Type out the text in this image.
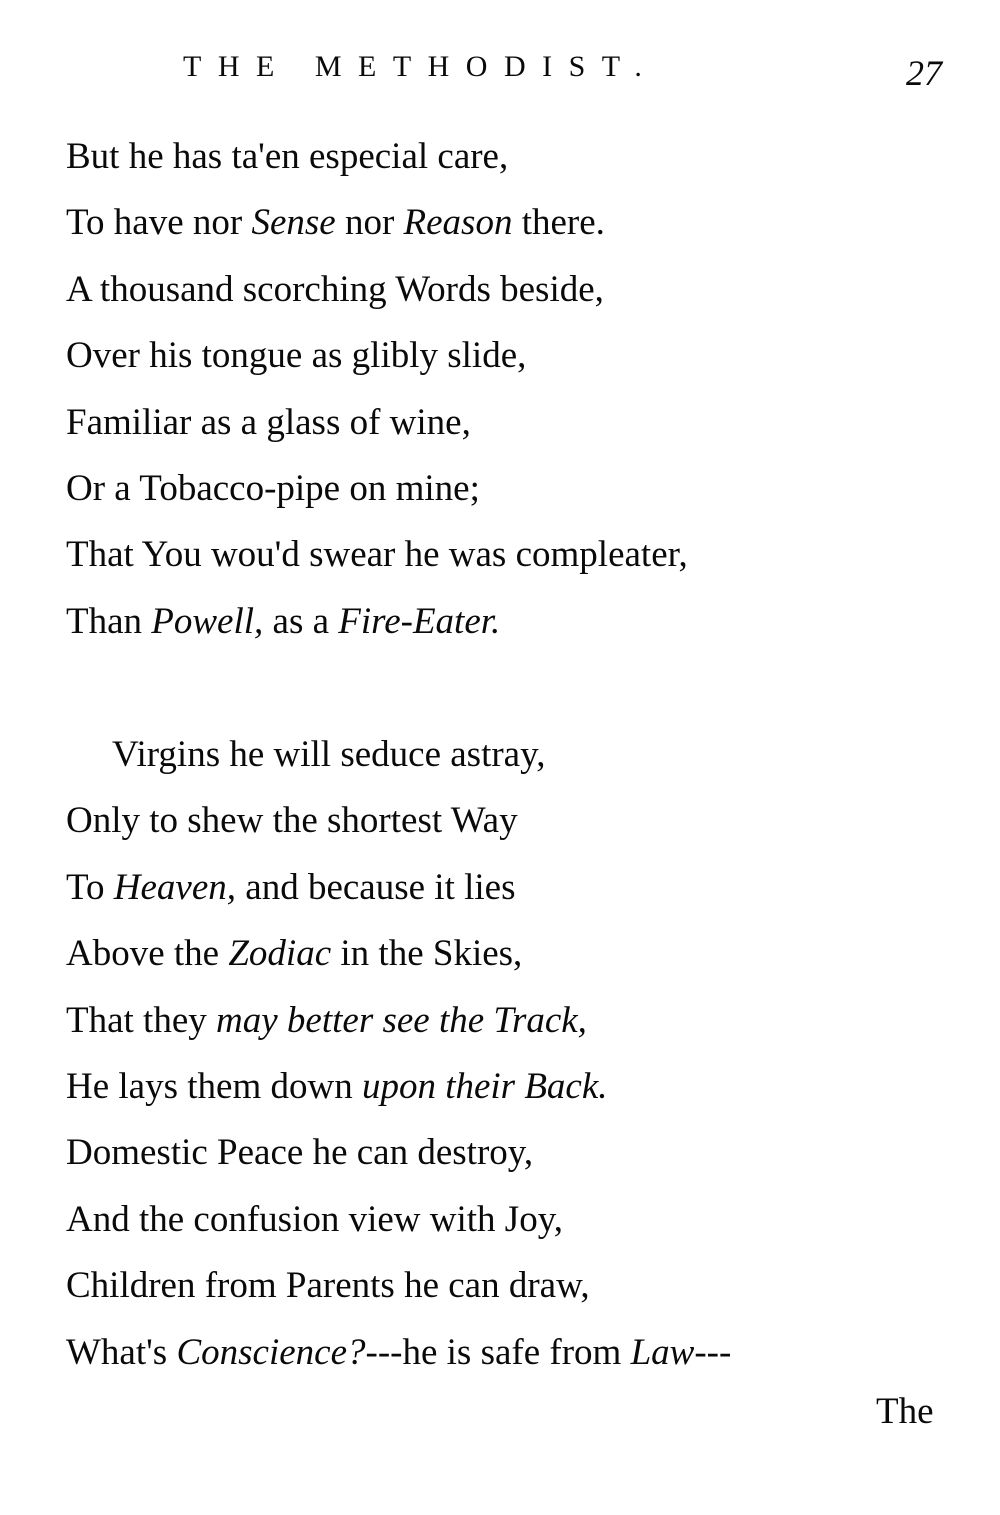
THE METHODIST.	27
But he has ta'en especial care,
To have nor Sense nor Reason there.
A thousand scorching Words beside,
Over his tongue as glibly slide,
Familiar as a glass of wine,
Or a Tobacco-pipe on mine;
That You wou'd swear he was compleater,
Than Powell, as a Fire-Eater.
Virgins he will seduce astray,
Only to shew the shortest Way
To Heaven, and because it lies
Above the Zodiac in the Skies,
That they may better see the Track,
He lays them down upon their Back.
Domestic Peace he can destroy,
And the confusion view with Joy,
Children from Parents he can draw,
What's Conscience?---he is safe from Law---
The
